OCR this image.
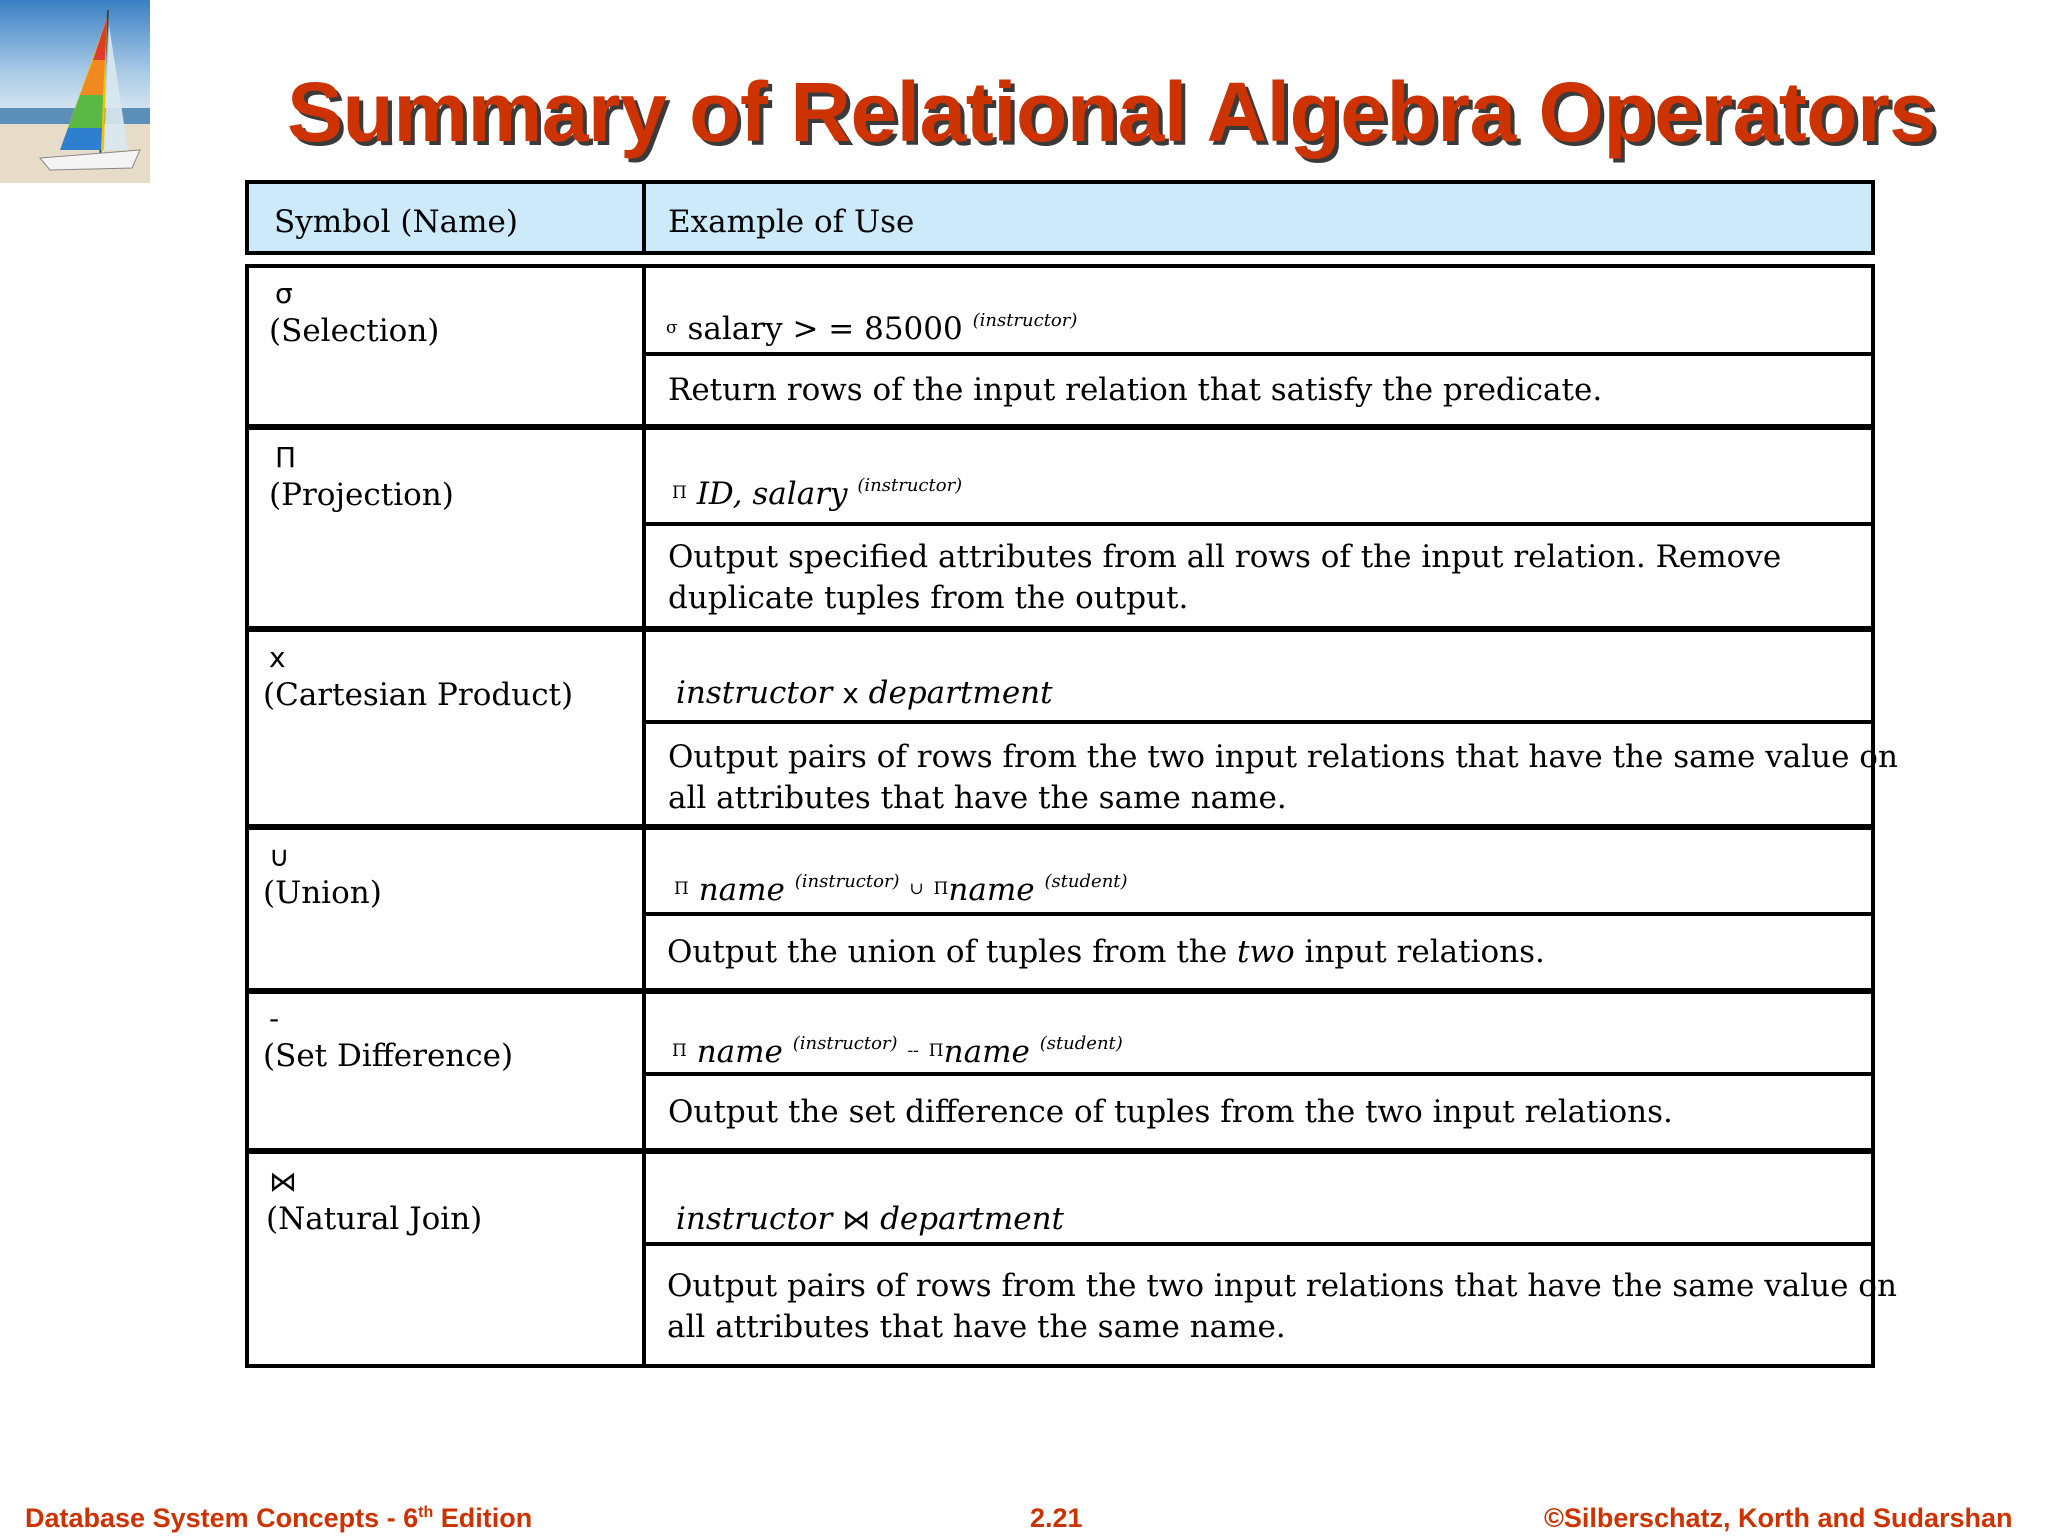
Summary of Relational Algebra Operators
Symbol (Name)	Example of Use
σ
(Selection)	σ salary > = 85000 $^{(instructor)}$
Return rows of the input relation that satisfy the predicate.
Π
(Projection)	Π ID, salary $^{(instructor)}$
Output specified attributes from all rows of the input relation. Remove
duplicate tuples from the output.
x
(Cartesian Product)	instructor x department
Output pairs of rows from the two input relations that have the same value on
all attributes that have the same name.
∪
(Union)	Π name $^{(instructor)}$ ∪ Πname $^{(student)}$
Output the union of tuples from the two input relations.
-
(Set Difference)	Π name $^{(instructor)}$ -- Πname $^{(student)}$
Output the set difference of tuples from the two input relations.
⋈
(Natural Join)	instructor ⋈ department
Output pairs of rows from the two input relations that have the same value on
all attributes that have the same name.
Database System Concepts - 6th Edition	2.21	©Silberschatz, Korth and Sudarshan
